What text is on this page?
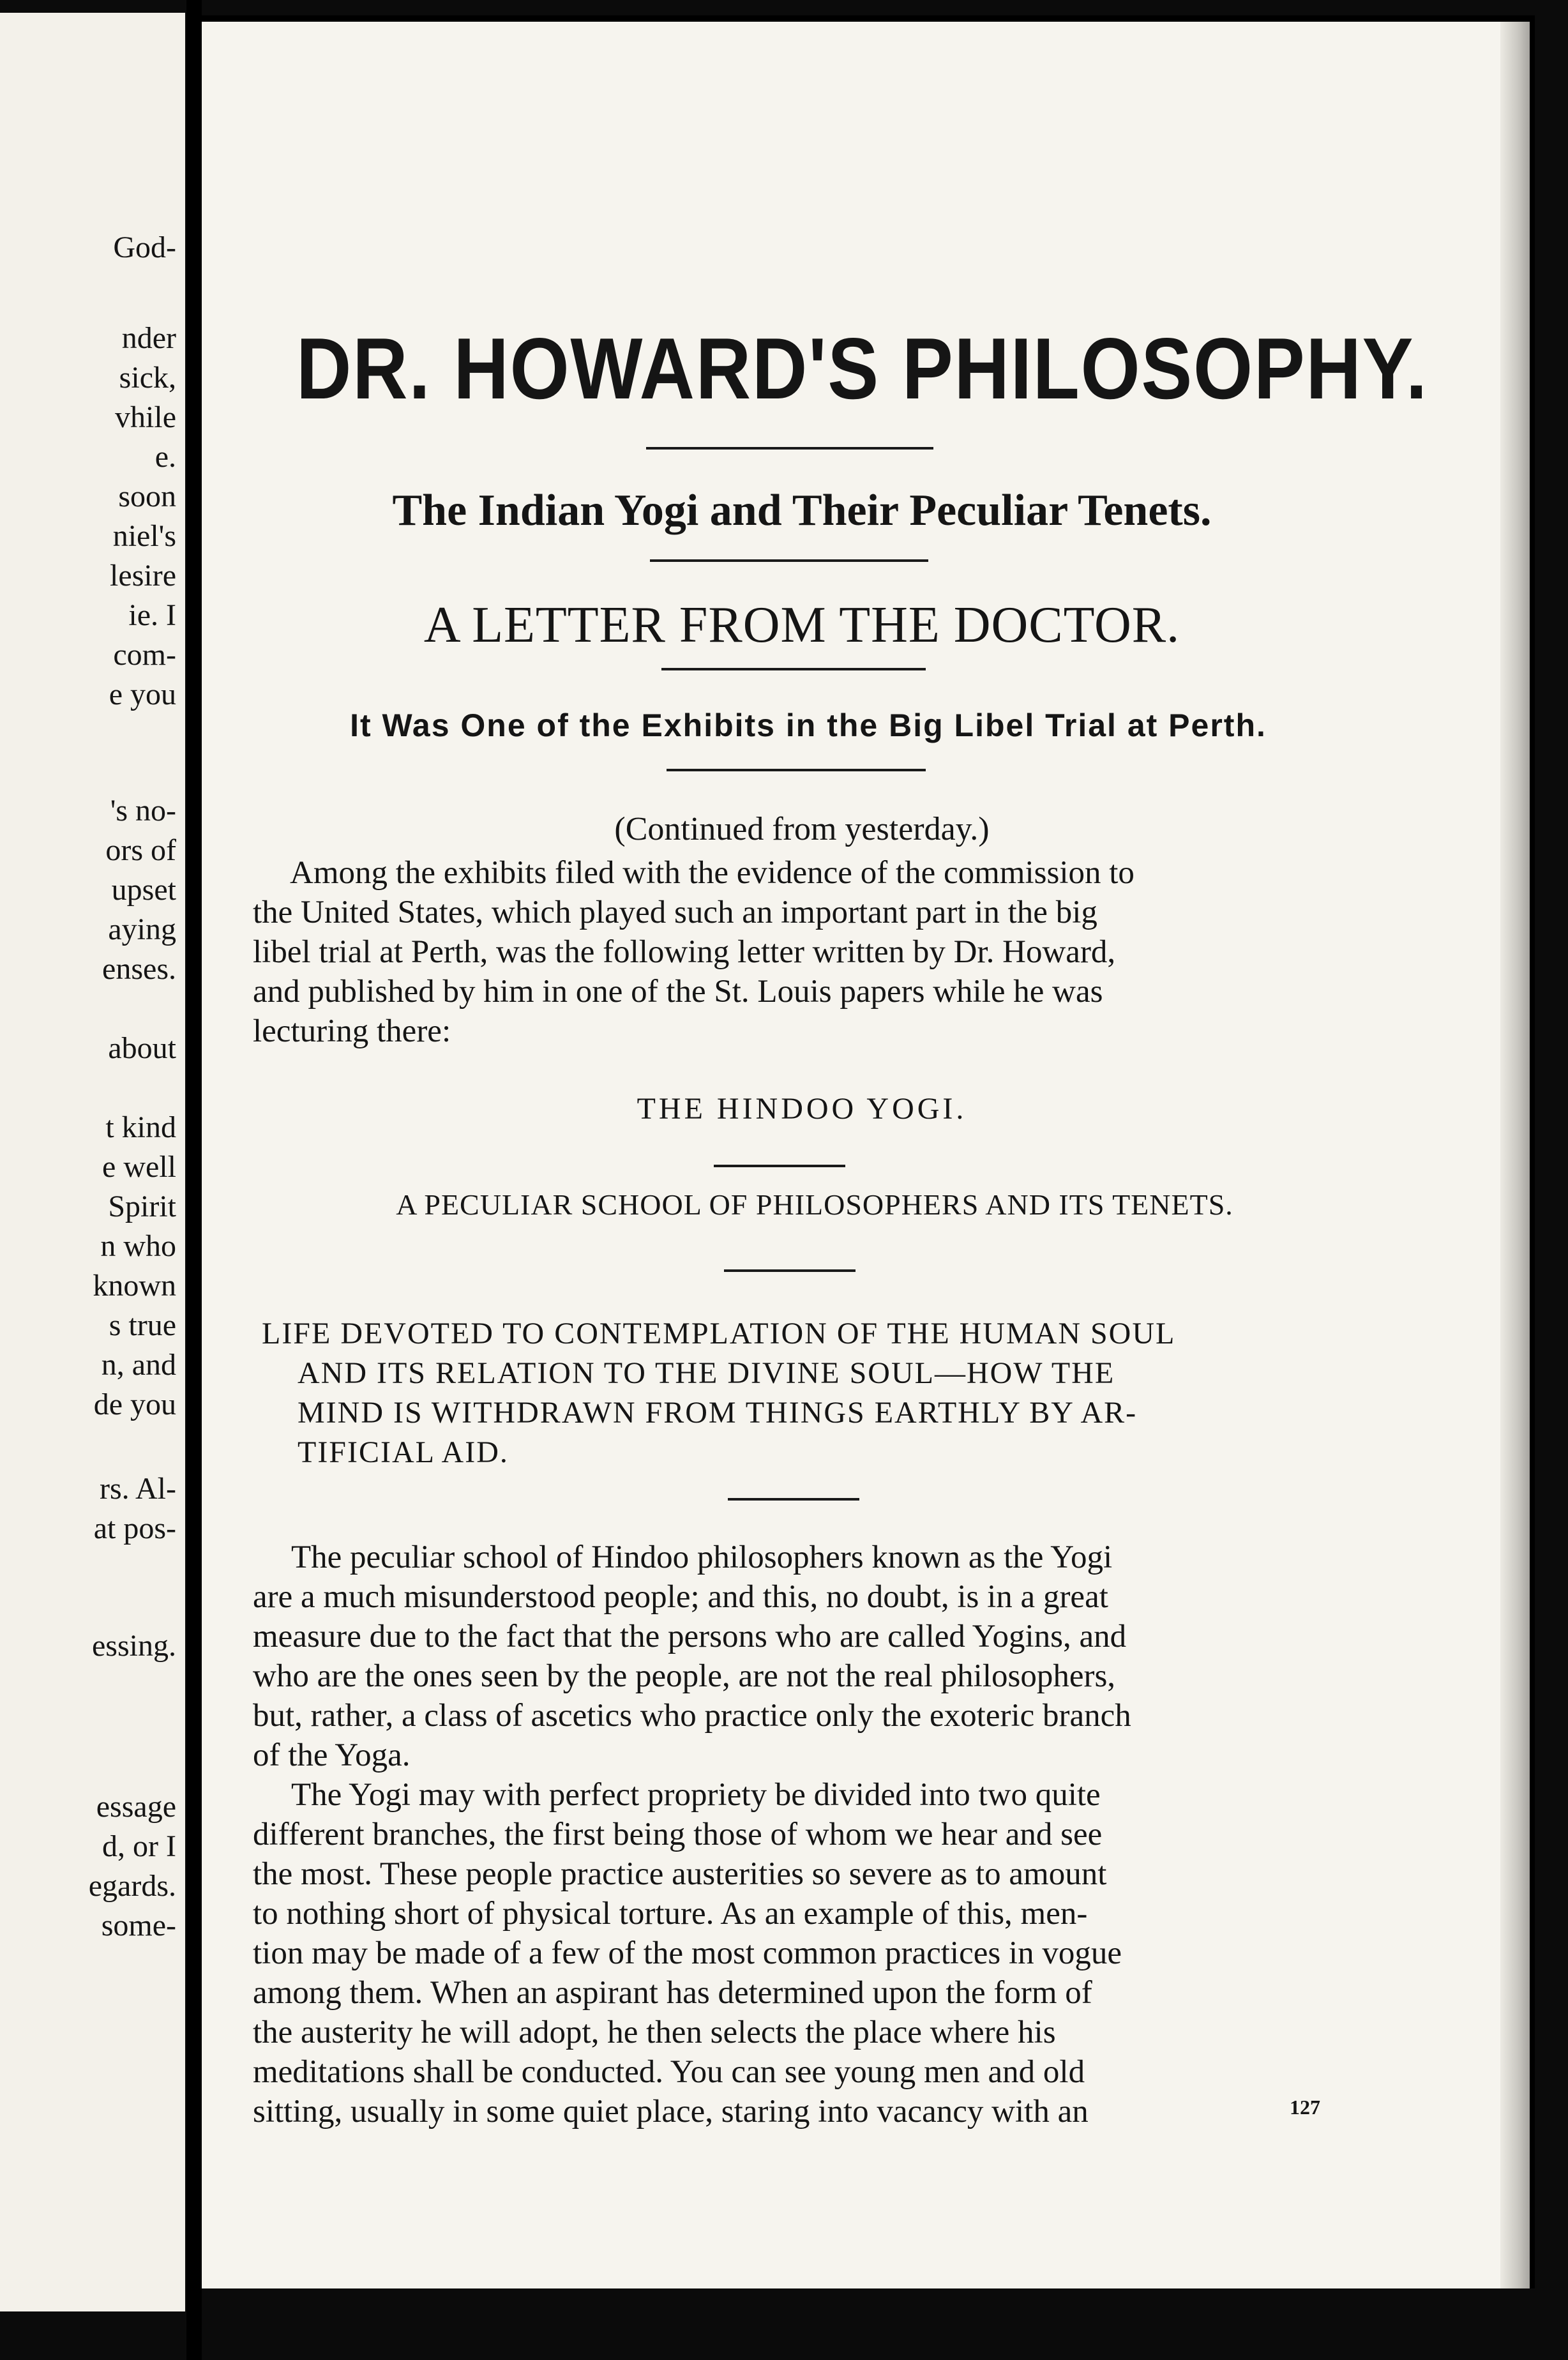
God-
nder
sick,
vhile
e.
soon
niel's
lesire
ie. I
com-
e you
's no-
ors of
upset
aying
enses.
about
t kind
e well
Spirit
n who
known
s true
n, and
de you
rs. Al-
at pos-
essing.
essage
d, or I
egards.
some-
DR. HOWARD'S PHILOSOPHY.
The Indian Yogi and Their Peculiar Tenets.
A LETTER FROM THE DOCTOR.
It Was One of the Exhibits in the Big Libel Trial at Perth.
(Continued from yesterday.)
Among the exhibits filed with the evidence of the commission to
the United States, which played such an important part in the big
libel trial at Perth, was the following letter written by Dr. Howard,
and published by him in one of the St. Louis papers while he was
lecturing there:
THE HINDOO YOGI.
A PECULIAR SCHOOL OF PHILOSOPHERS AND ITS TENETS.
LIFE DEVOTED TO CONTEMPLATION OF THE HUMAN SOUL
AND ITS RELATION TO THE DIVINE SOUL—HOW THE
MIND IS WITHDRAWN FROM THINGS EARTHLY BY AR-
TIFICIAL AID.
The peculiar school of Hindoo philosophers known as the Yogi
are a much misunderstood people; and this, no doubt, is in a great
measure due to the fact that the persons who are called Yogins, and
who are the ones seen by the people, are not the real philosophers,
but, rather, a class of ascetics who practice only the exoteric branch
of the Yoga.
The Yogi may with perfect propriety be divided into two quite
different branches, the first being those of whom we hear and see
the most. These people practice austerities so severe as to amount
to nothing short of physical torture. As an example of this, men-
tion may be made of a few of the most common practices in vogue
among them. When an aspirant has determined upon the form of
the austerity he will adopt, he then selects the place where his
meditations shall be conducted. You can see young men and old
sitting, usually in some quiet place, staring into vacancy with an	127
